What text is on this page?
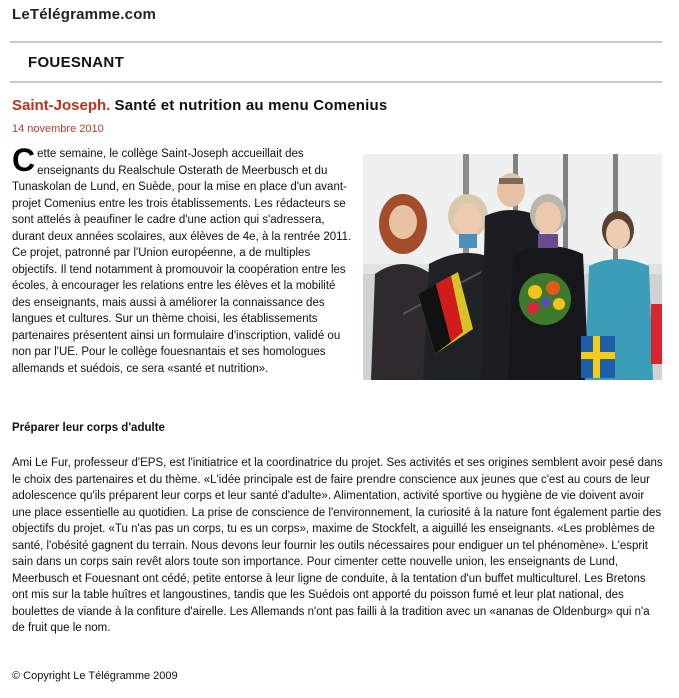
LeTélégramme.com
FOUESNANT
Saint-Joseph. Santé et nutrition au menu Comenius
14 novembre 2010
Cette semaine, le collège Saint-Joseph accueillait des enseignants du Realschule Osterath de Meerbusch et du Tunaskolan de Lund, en Suède, pour la mise en place d'un avant-projet Comenius entre les trois établissements. Les rédacteurs se sont attelés à peaufiner le cadre d'une action qui s'adressera, durant deux années scolaires, aux élèves de 4e, à la rentrée 2011. Ce projet, patronné par l'Union européenne, a de multiples objectifs. Il tend notamment à promouvoir la coopération entre les écoles, à encourager les relations entre les élèves et la mobilité des enseignants, mais aussi à améliorer la connaissance des langues et cultures. Sur un thème choisi, les établissements partenaires présentent ainsi un formulaire d'inscription, validé ou non par l'UE. Pour le collège fouesnantais et ses homologues allemands et suédois, ce sera «santé et nutrition».
Préparer leur corps d'adulte
Ami Le Fur, professeur d'EPS, est l'initiatrice et la coordinatrice du projet. Ses activités et ses origines semblent avoir pesé dans le choix des partenaires et du thème. «L'idée principale est de faire prendre conscience aux jeunes que c'est au cours de leur adolescence qu'ils préparent leur corps et leur santé d'adulte». Alimentation, activité sportive ou hygiène de vie doivent avoir une place essentielle au quotidien. La prise de conscience de l'environnement, la curiosité à la nature font également partie des objectifs du projet. «Tu n'as pas un corps, tu es un corps», maxime de Stockfelt, a aiguillé les enseignants. «Les problèmes de santé, l'obésité gagnent du terrain. Nous devons leur fournir les outils nécessaires pour endiguer un tel phénomène». L'esprit sain dans un corps sain revêt alors toute son importance. Pour cimenter cette nouvelle union, les enseignants de Lund, Meerbusch et Fouesnant ont cédé, petite entorse à leur ligne de conduite, à la tentation d'un buffet multiculturel. Les Bretons ont mis sur la table huîtres et langoustines, tandis que les Suédois ont apporté du poisson fumé et leur plat national, des boulettes de viande à la confiture d'airelle. Les Allemands n'ont pas failli à la tradition avec un «ananas de Oldenburg» qui n'a de fruit que le nom.
© Copyright Le Télégramme 2009
